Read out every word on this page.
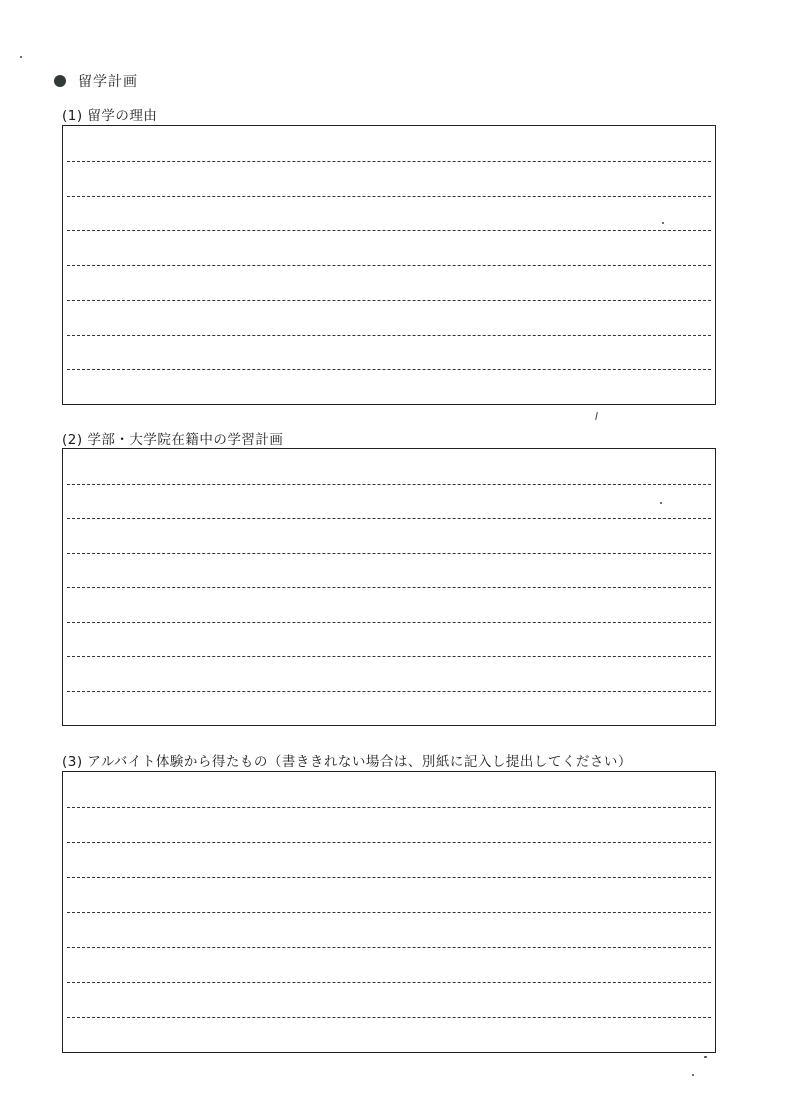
留学計画
(1) 留学の理由
(2) 学部・大学院在籍中の学習計画
(3) アルバイト体験から得たもの（書ききれない場合は、別紙に記入し提出してください）
